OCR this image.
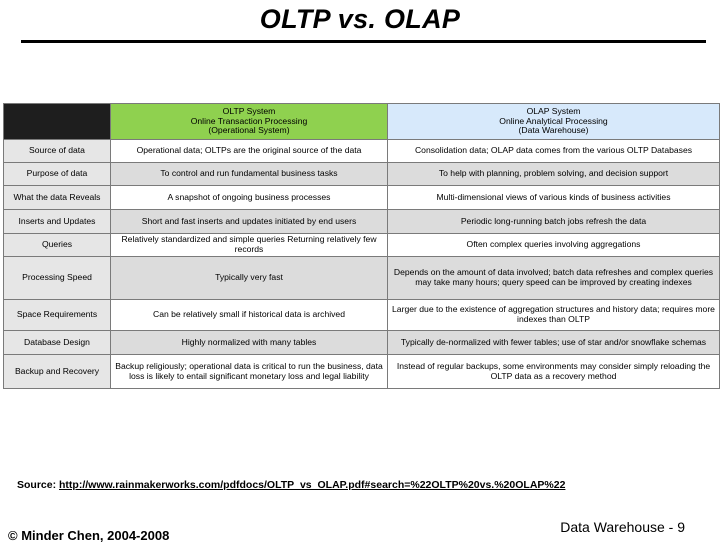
OLTP vs. OLAP

	OLTP System
Online Transaction Processing
(Operational System)	OLAP System
Online Analytical Processing
(Data Warehouse)

Source of data	Operational data; OLTPs are the original source of the data	Consolidation data; OLAP data comes from the various OLTP Databases
Purpose of data	To control and run fundamental business tasks	To help with planning, problem solving, and decision support
What the data Reveals	A snapshot of ongoing business processes	Multi-dimensional views of various kinds of business activities
Inserts and Updates	Short and fast inserts and updates initiated by end users	Periodic long-running batch jobs refresh the data
Queries	Relatively standardized and simple queries Returning relatively few records	Often complex queries involving aggregations
Processing Speed	Typically very fast	Depends on the amount of data involved; batch data refreshes and complex queries may take many hours; query speed can be improved by creating indexes
Space Requirements	Can be relatively small if historical data is archived	Larger due to the existence of aggregation structures and history data; requires more indexes than OLTP
Database Design	Highly normalized with many tables	Typically de-normalized with fewer tables; use of star and/or snowflake schemas
Backup and Recovery	Backup religiously; operational data is critical to run the business, data loss is likely to entail significant monetary loss and legal liability	Instead of regular backups, some environments may consider simply reloading the OLTP data as a recovery method
Source: http://www.rainmakerworks.com/pdfdocs/OLTP_vs_OLAP.pdf#search=%22OLTP%20vs.%20OLAP%22
© Minder Chen, 2004-2008
Data Warehouse - 9
